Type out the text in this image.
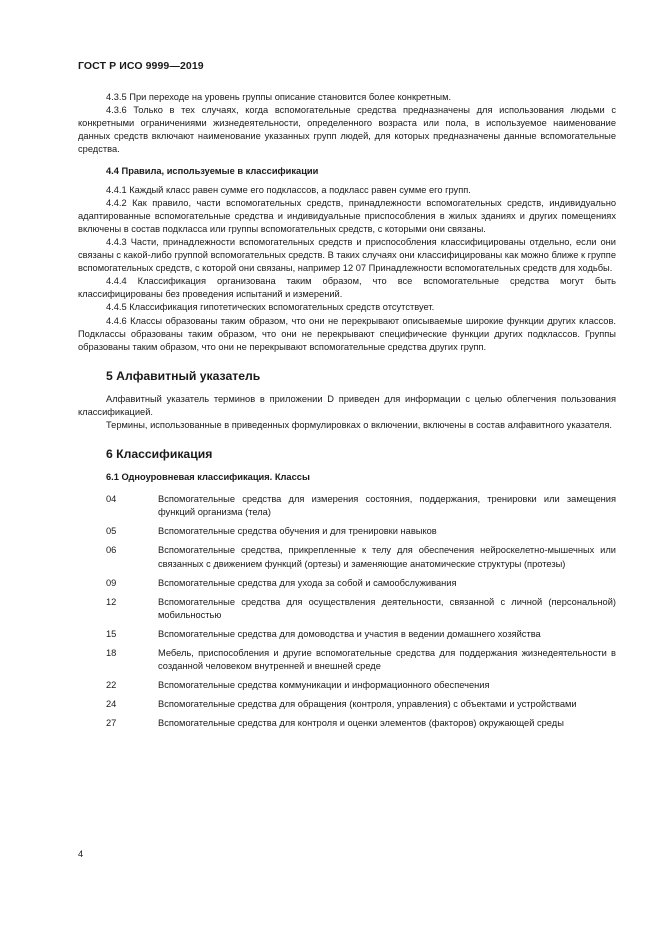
ГОСТ Р ИСО 9999—2019

4.3.5 При переходе на уровень группы описание становится более конкретным.

4.3.6 Только в тех случаях, когда вспомогательные средства предназначены для использования людьми с конкретными ограничениями жизнедеятельности, определенного возраста или пола, в используемое наименование данных средств включают наименование указанных групп людей, для которых предназначены данные вспомогательные средства.

4.4 Правила, используемые в классификации

4.4.1 Каждый класс равен сумме его подклассов, а подкласс равен сумме его групп.

4.4.2 Как правило, части вспомогательных средств, принадлежности вспомогательных средств, индивидуально адаптированные вспомогательные средства и индивидуальные приспособления в жилых зданиях и других помещениях включены в состав подкласса или группы вспомогательных средств, с которыми они связаны.

4.4.3 Части, принадлежности вспомогательных средств и приспособления классифицированы отдельно, если они связаны с какой-либо группой вспомогательных средств. В таких случаях они классифицированы как можно ближе к группе вспомогательных средств, с которой они связаны, например 12 07 Принадлежности вспомогательных средств для ходьбы.

4.4.4 Классификация организована таким образом, что все вспомогательные средства могут быть классифицированы без проведения испытаний и измерений.

4.4.5 Классификация гипотетических вспомогательных средств отсутствует.

4.4.6 Классы образованы таким образом, что они не перекрывают описываемые широкие функции других классов. Подклассы образованы таким образом, что они не перекрывают специфические функции других подклассов. Группы образованы таким образом, что они не перекрывают вспомогательные средства других групп.

5 Алфавитный указатель

Алфавитный указатель терминов в приложении D приведен для информации с целью облегчения пользования классификацией.

Термины, использованные в приведенных формулировках о включении, включены в состав алфавитного указателя.

6 Классификация

6.1 Одноуровневая классификация. Классы

04	Вспомогательные средства для измерения состояния, поддержания, тренировки или замещения функций организма (тела)
05	Вспомогательные средства обучения и для тренировки навыков
06	Вспомогательные средства, прикрепленные к телу для обеспечения нейроскелетно-мышечных или связанных с движением функций (ортезы) и заменяющие анатомические структуры (протезы)
09	Вспомогательные средства для ухода за собой и самообслуживания
12	Вспомогательные средства для осуществления деятельности, связанной с личной (персональной) мобильностью
15	Вспомогательные средства для домоводства и участия в ведении домашнего хозяйства
18	Мебель, приспособления и другие вспомогательные средства для поддержания жизнедеятельности в созданной человеком внутренней и внешней среде
22	Вспомогательные средства коммуникации и информационного обеспечения
24	Вспомогательные средства для обращения (контроля, управления) с объектами и устройствами
27	Вспомогательные средства для контроля и оценки элементов (факторов) окружающей среды
4
